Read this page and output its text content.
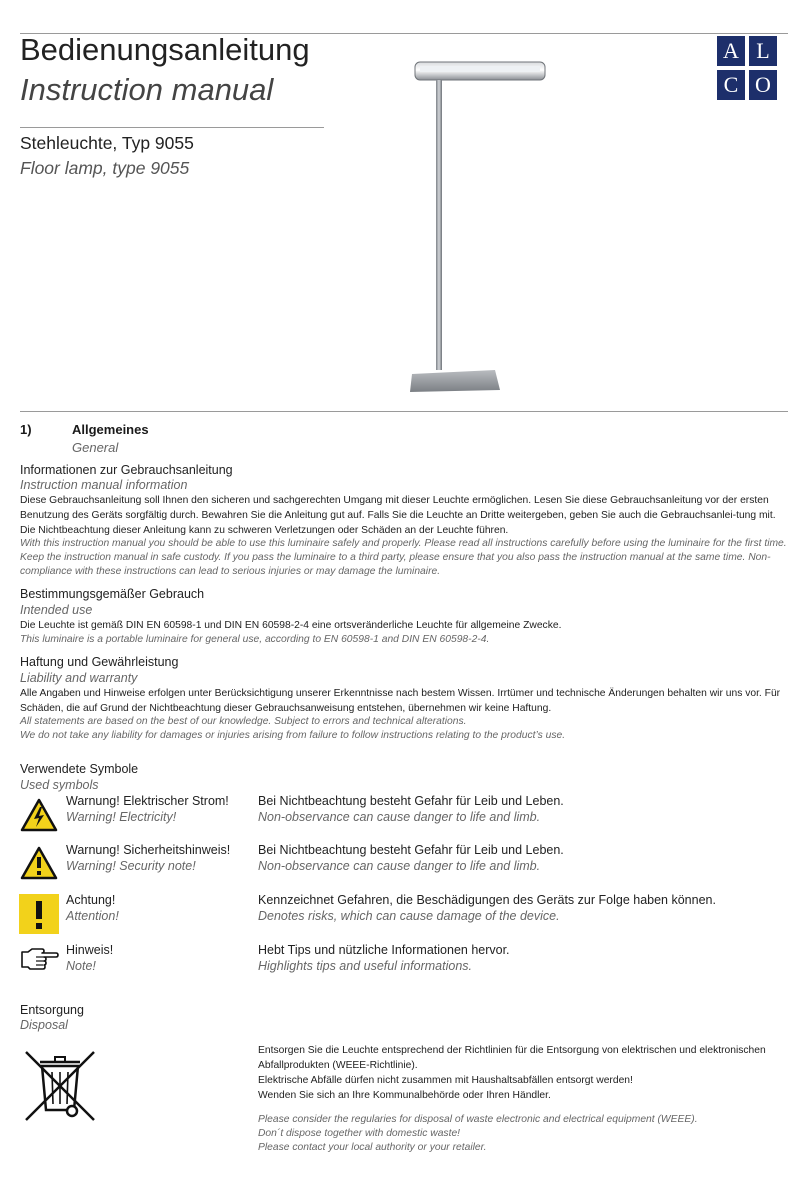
Bedienungsanleitung
Instruction manual
Stehleuchte, Typ 9055
Floor lamp, type 9055
A L
C O
1)	Allgemeines
General
Informationen zur Gebrauchsanleitung
Instruction manual information
Diese Gebrauchsanleitung soll Ihnen den sicheren und sachgerechten Umgang mit dieser Leuchte ermöglichen. Lesen Sie diese Gebrauchsanleitung vor der ersten Benutzung des Geräts sorgfältig durch. Bewahren Sie die Anleitung gut auf. Falls Sie die Leuchte an Dritte weitergeben, geben Sie auch die Gebrauchsanlei-tung mit. Die Nichtbeachtung dieser Anleitung kann zu schweren Verletzungen oder Schäden an der Leuchte führen.
With this instruction manual you should be able to use this luminaire safely and properly. Please read all instructions carefully before using the luminaire for the first time. Keep the instruction manual in safe custody. If you pass the luminaire to a third party, please ensure that you also pass the instruction manual at the same time. Non-compliance with these instructions can lead to serious injuries or may damage the luminaire.
Bestimmungsgemäßer Gebrauch
Intended use
Die Leuchte ist gemäß DIN EN 60598-1 und DIN EN 60598-2-4 eine ortsveränderliche Leuchte für allgemeine Zwecke.
This luminaire is a portable luminaire for general use, according to EN 60598-1 and DIN EN 60598-2-4.
Haftung und Gewährleistung
Liability and warranty
Alle Angaben und Hinweise erfolgen unter Berücksichtigung unserer Erkenntnisse nach bestem Wissen. Irrtümer und technische Änderungen behalten wir uns vor. Für Schäden, die auf Grund der Nichtbeachtung dieser Gebrauchsanweisung entstehen, übernehmen wir keine Haftung.
All statements are based on the best of our knowledge. Subject to errors and technical alterations.
We do not take any liability for damages or injuries arising from failure to follow instructions relating to the product’s use.
Verwendete Symbole
Used symbols
Warnung! Elektrischer Strom!
Warning! Electricity!
Bei Nichtbeachtung besteht Gefahr für Leib und Leben.
Non-observance can cause danger to life and limb.
Warnung! Sicherheitshinweis!
Warning! Security note!
Bei Nichtbeachtung besteht Gefahr für Leib und Leben.
Non-observance can cause danger to life and limb.
Achtung!
Attention!
Kennzeichnet Gefahren, die Beschädigungen des Geräts zur Folge haben können.
Denotes risks, which can cause damage of the device.
Hinweis!
Note!
Hebt Tips und nützliche Informationen hervor.
Highlights tips and useful informations.
Entsorgung
Disposal
Entsorgen Sie die Leuchte entsprechend der Richtlinien für die Entsorgung von elektrischen und elektronischen Abfallprodukten (WEEE-Richtlinie).
Elektrische Abfälle dürfen nicht zusammen mit Haushaltsabfällen entsorgt werden!
Wenden Sie sich an Ihre Kommunalbehörde oder Ihren Händler.
Please consider the regularies for disposal of waste electronic and electrical equipment (WEEE).
Don´t dispose together with domestic waste!
Please contact your local authority or your retailer.
